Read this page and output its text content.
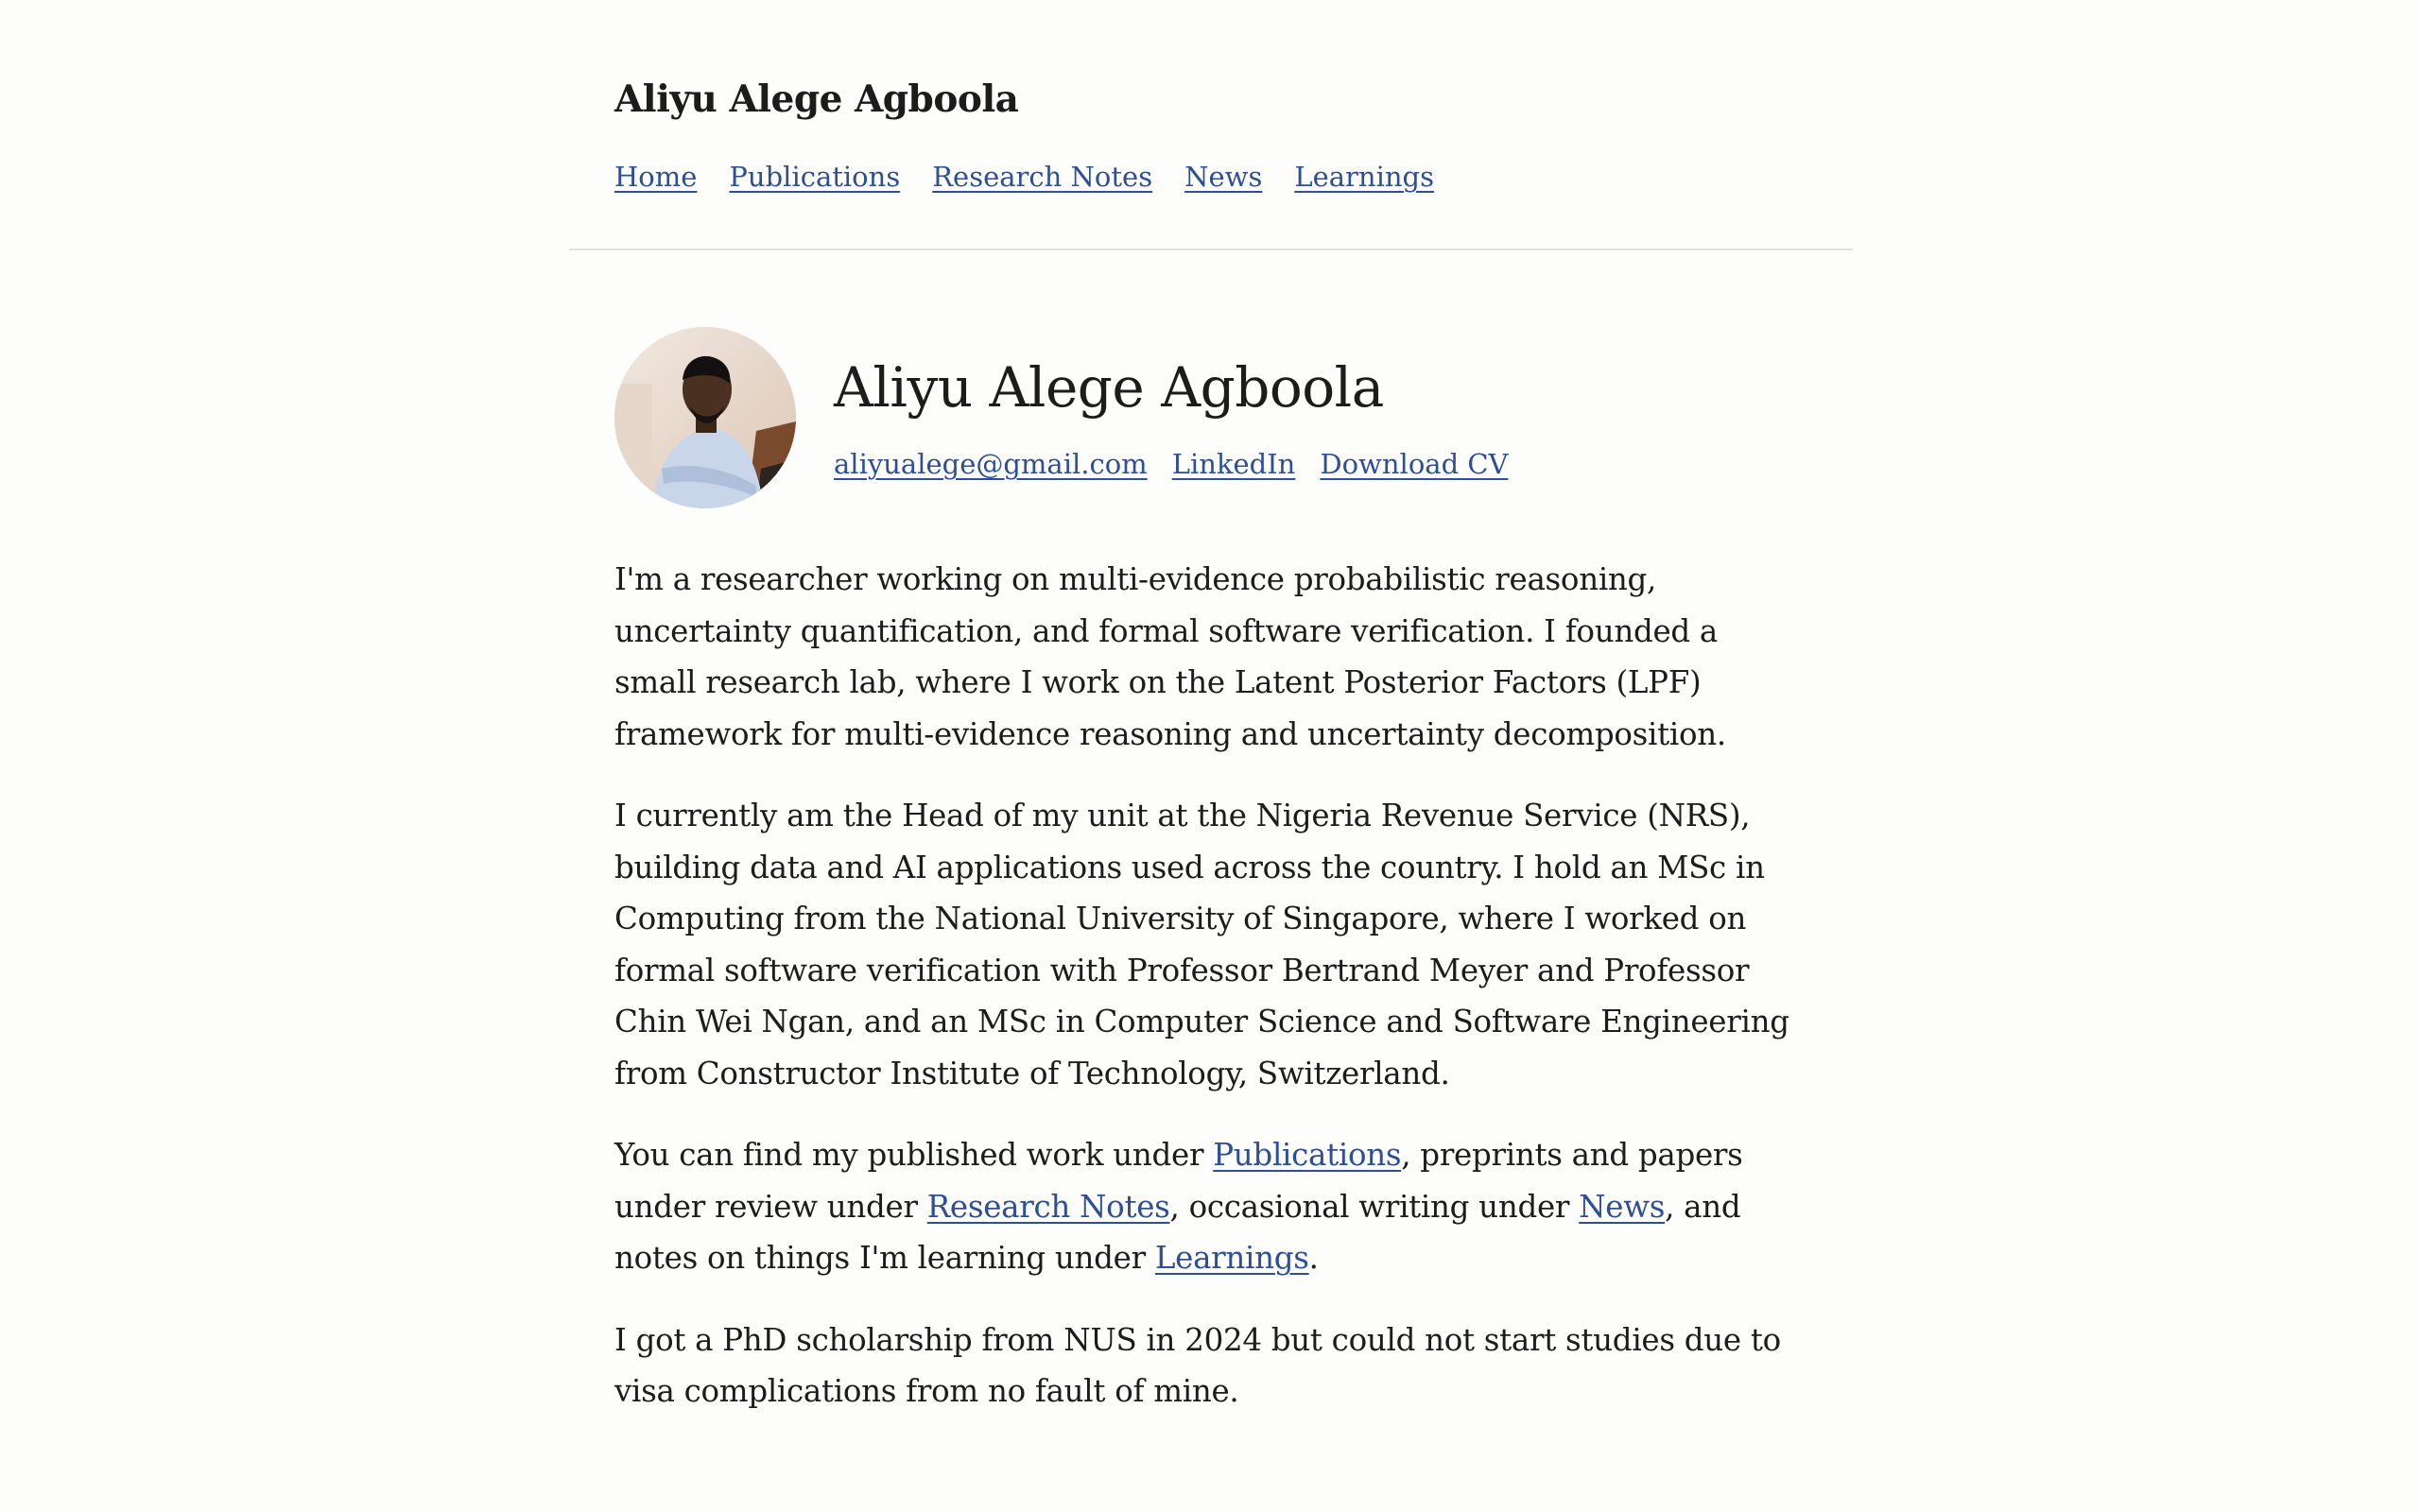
Aliyu Alege Agboola
Home Publications Research Notes News Learnings
Aliyu Alege Agboola
aliyualege@gmail.com LinkedIn Download CV

I'm a researcher working on multi-evidence probabilistic reasoning, uncertainty quantification, and formal software verification. I founded a small research lab, where I work on the Latent Posterior Factors (LPF) framework for multi-evidence reasoning and uncertainty decomposition.

I currently am the Head of my unit at the Nigeria Revenue Service (NRS), building data and AI applications used across the country. I hold an MSc in Computing from the National University of Singapore, where I worked on formal software verification with Professor Bertrand Meyer and Professor Chin Wei Ngan, and an MSc in Computer Science and Software Engineering from Constructor Institute of Technology, Switzerland.

You can find my published work under Publications, preprints and papers under review under Research Notes, occasional writing under News, and notes on things I'm learning under Learnings.

I got a PhD scholarship from NUS in 2024 but could not start studies due to visa complications from no fault of mine.
